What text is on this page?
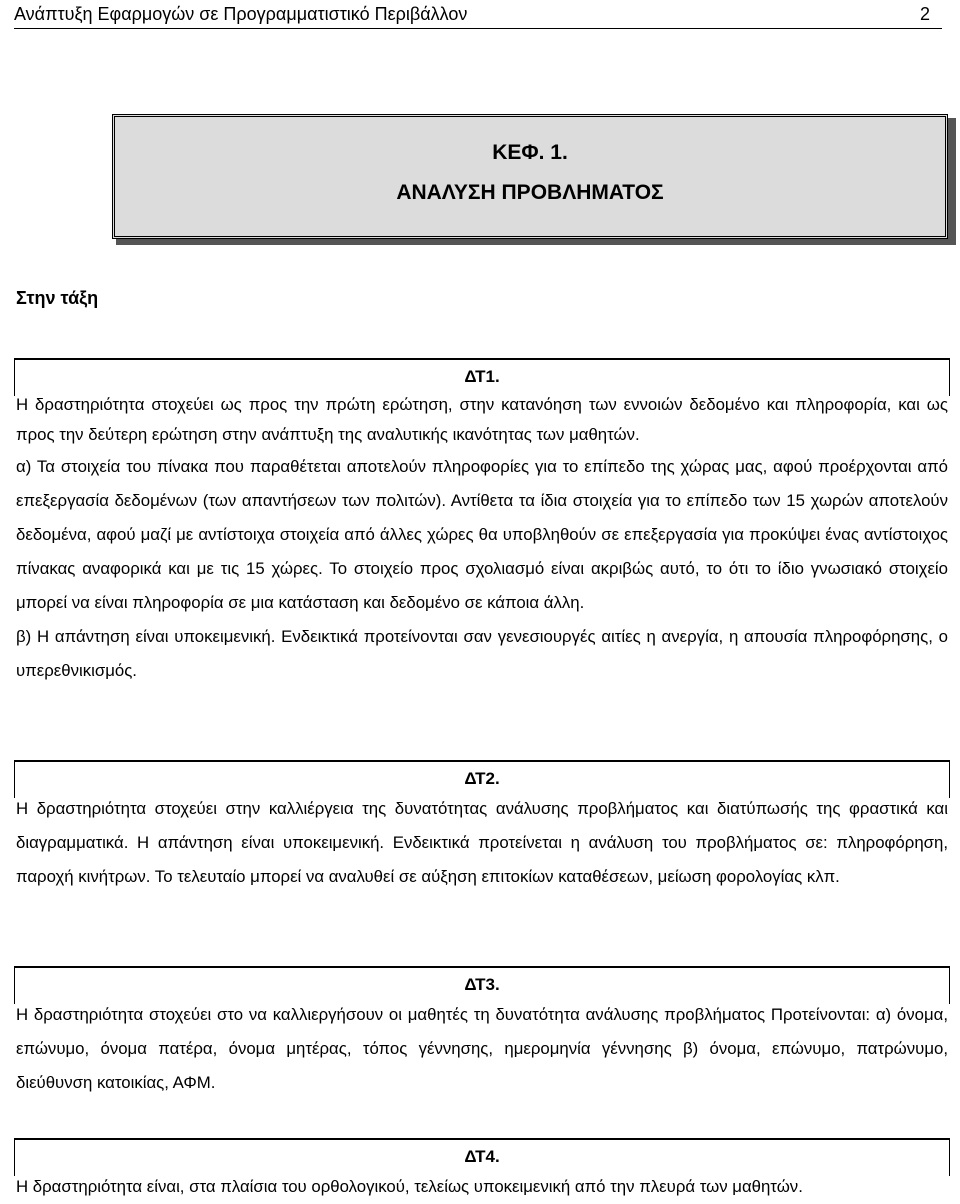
Ανάπτυξη Εφαρμογών σε Προγραμματιστικό Περιβάλλον	2
ΚΕΦ. 1.
ΑΝΑΛΥΣΗ ΠΡΟΒΛΗΜΑΤΟΣ
Στην τάξη
ΔΤ1.

Η δραστηριότητα στοχεύει ως προς την πρώτη ερώτηση, στην κατανόηση των εννοιών δεδομένο και πληροφορία, και ως προς την δεύτερη ερώτηση στην ανάπτυξη της αναλυτικής ικανότητας των μαθητών.

α) Τα στοιχεία του πίνακα που παραθέτεται αποτελούν πληροφορίες για το επίπεδο της χώρας μας, αφού προέρχονται από επεξεργασία δεδομένων (των απαντήσεων των πολιτών). Αντίθετα τα ίδια στοιχεία για το επίπεδο των 15 χωρών αποτελούν δεδομένα, αφού μαζί με αντίστοιχα στοιχεία από άλλες χώρες θα υποβληθούν σε επεξεργασία για προκύψει ένας αντίστοιχος πίνακας αναφορικά και με τις 15 χώρες. Το στοιχείο προς σχολιασμό είναι ακριβώς αυτό, το ότι το ίδιο γνωσιακό στοιχείο μπορεί να είναι πληροφορία σε μια κατάσταση και δεδομένο σε κάποια άλλη.

β) Η απάντηση είναι υποκειμενική. Ενδεικτικά προτείνονται σαν γενεσιουργές αιτίες η ανεργία, η απουσία πληροφόρησης, ο υπερεθνικισμός.

ΔΤ2.

Η δραστηριότητα στοχεύει στην καλλιέργεια της δυνατότητας ανάλυσης προβλήματος και διατύπωσής της φραστικά και διαγραμματικά. Η απάντηση είναι υποκειμενική. Ενδεικτικά προτείνεται η ανάλυση του προβλήματος σε: πληροφόρηση, παροχή κινήτρων. Το τελευταίο μπορεί να αναλυθεί σε αύξηση επιτοκίων καταθέσεων, μείωση φορολογίας κλπ.

ΔΤ3.

Η δραστηριότητα στοχεύει στο να καλλιεργήσουν οι μαθητές τη δυνατότητα ανάλυσης προβλήματος Προτείνονται: α) όνομα, επώνυμο, όνομα πατέρα, όνομα μητέρας, τόπος γέννησης, ημερομηνία γέννησης β) όνομα, επώνυμο, πατρώνυμο, διεύθυνση κατοικίας, ΑΦΜ.

ΔΤ4.

Η δραστηριότητα είναι, στα πλαίσια του ορθολογικού, τελείως υποκειμενική από την πλευρά των μαθητών.
